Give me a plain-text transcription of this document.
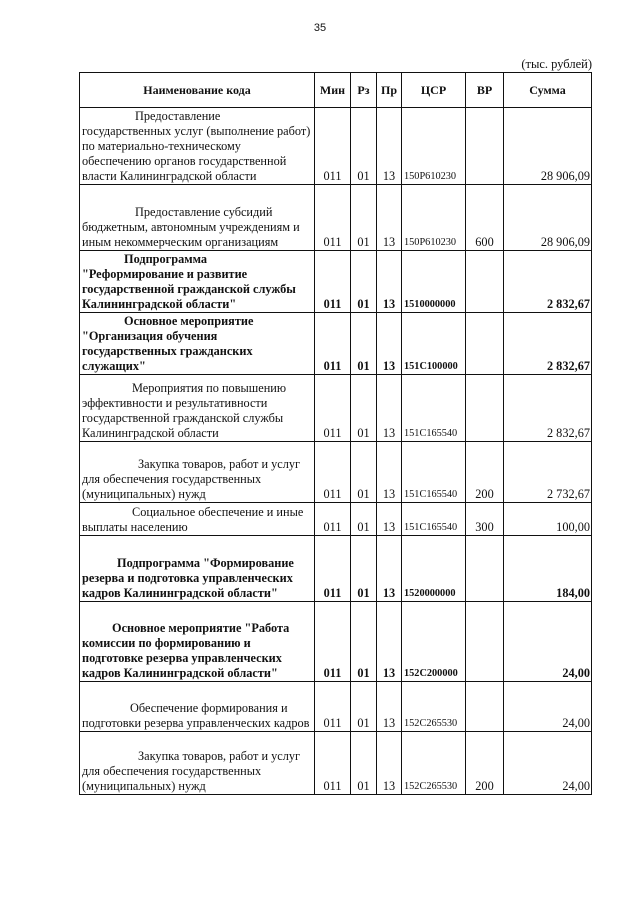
35
(тыс. рублей)
Наименование кода	Мин	Рз	Пр	ЦСР	ВР	Сумма

Предоставление государственных услуг (выполнение работ) по материально-техническому обеспечению органов государственной власти Калининградской области	011	01	13	150Р610230		28 906,09

Предоставление субсидий бюджетным, автономным учреждениям и иным некоммерческим организациям	011	01	13	150Р610230	600	28 906,09

Подпрограмма "Реформирование и развитие государственной гражданской службы Калининградской области"	011	01	13	1510000000		2 832,67

Основное мероприятие "Организация обучения государственных гражданских служащих"	011	01	13	151С100000		2 832,67

Мероприятия по повышению эффективности и результативности государственной гражданской службы Калининградской области	011	01	13	151С165540		2 832,67

Закупка товаров, работ и услуг для обеспечения государственных (муниципальных) нужд	011	01	13	151С165540	200	2 732,67

Социальное обеспечение и иные выплаты населению	011	01	13	151С165540	300	100,00

Подпрограмма "Формирование резерва и подготовка управленческих кадров Калининградской области"	011	01	13	1520000000		184,00

Основное мероприятие "Работа комиссии по формированию и подготовке резерва управленческих кадров Калининградской области"	011	01	13	152С200000		24,00

Обеспечение формирования и подготовки резерва управленческих кадров	011	01	13	152С265530		24,00

Закупка товаров, работ и услуг для обеспечения государственных (муниципальных) нужд	011	01	13	152С265530	200	24,00
